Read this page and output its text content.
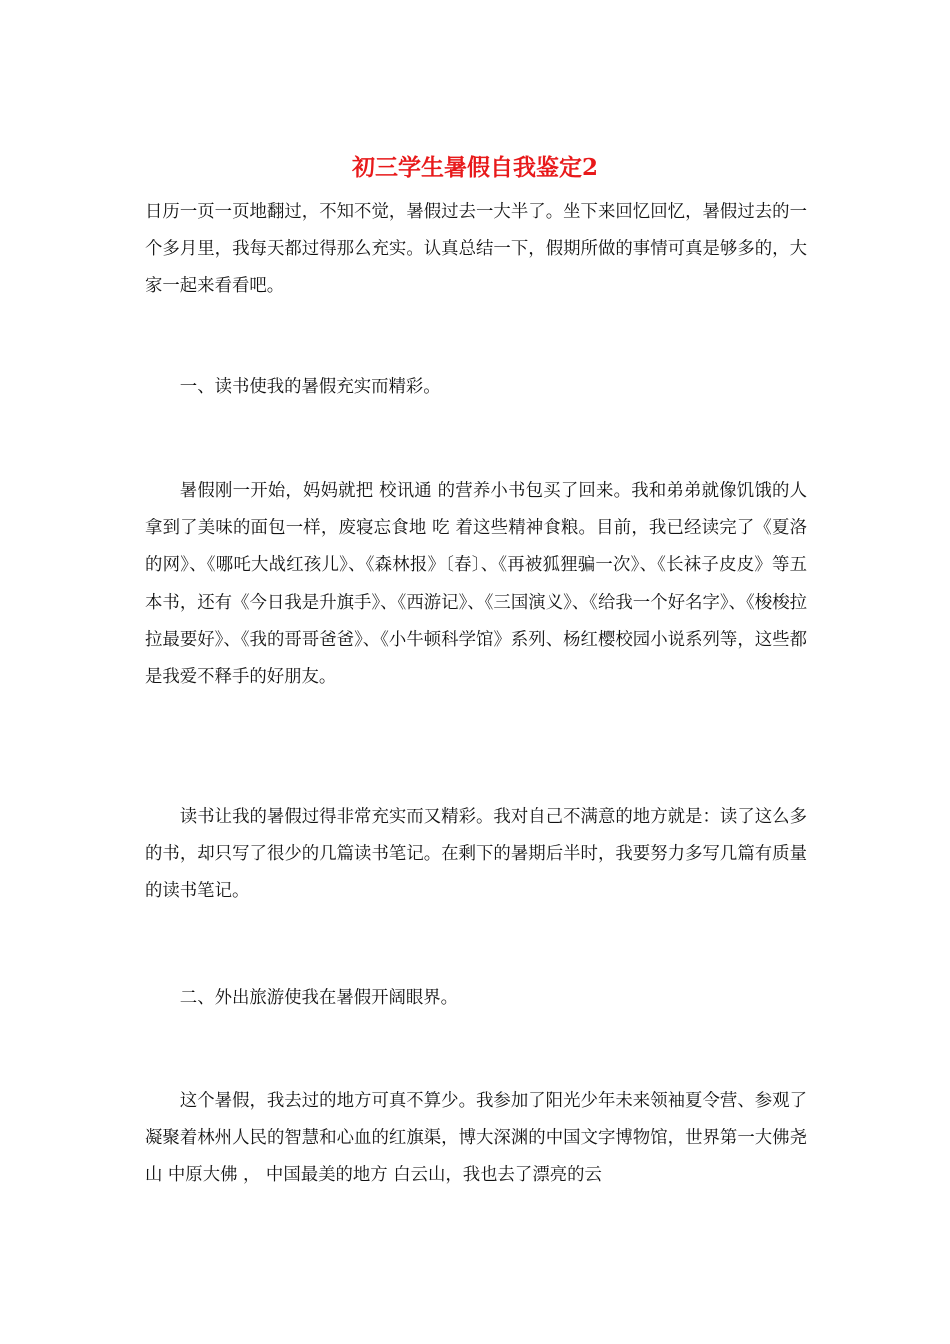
初三学生暑假自我鉴定2

日历一页一页地翻过，不知不觉，暑假过去一大半了。坐下来回忆回忆，暑假过去的一个多月里，我每天都过得那么充实。认真总结一下，假期所做的事情可真是够多的，大家一起来看看吧。

一、读书使我的暑假充实而精彩。

暑假刚一开始，妈妈就把 校讯通 的营养小书包买了回来。我和弟弟就像饥饿的人拿到了美味的面包一样，废寝忘食地 吃 着这些精神食粮。目前，我已经读完了《夏洛的网》、《哪吒大战红孩儿》、《森林报》〔春〕、《再被狐狸骗一次》、《长袜子皮皮》等五本书，还有《今日我是升旗手》、《西游记》、《三国演义》、《给我一个好名字》、《梭梭拉拉最要好》、《我的哥哥爸爸》、《小牛顿科学馆》系列、杨红樱校园小说系列等，这些都是我爱不释手的好朋友。

读书让我的暑假过得非常充实而又精彩。我对自己不满意的地方就是：读了这么多的书，却只写了很少的几篇读书笔记。在剩下的暑期后半时，我要努力多写几篇有质量的读书笔记。

二、外出旅游使我在暑假开阔眼界。

这个暑假，我去过的地方可真不算少。我参加了阳光少年未来领袖夏令营、参观了凝聚着林州人民的智慧和心血的红旗渠，博大深渊的中国文字博物馆，世界第一大佛尧山 中原大佛 ， 中国最美的地方 白云山，我也去了漂亮的云
